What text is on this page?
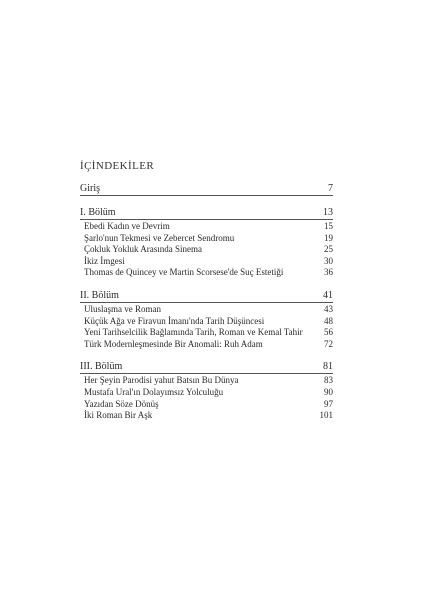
İÇİNDEKİLER
Giriş	7
I. Bölüm	13
Ebedi Kadın ve Devrim	15
Şarlo'nun Tekmesi ve Zebercet Sendromu	19
Çokluk Yokluk Arasında Sinema	25
İkiz İmgesi	30
Thomas de Quincey ve Martin Scorsese'de Suç Estetiği	36
II. Bölüm	41
Uluslaşma ve Roman	43
Küçük Ağa ve Firavun İmanı'nda Tarih Düşüncesi	48
Yeni Tarihselcilik Bağlamında Tarih, Roman ve Kemal Tahir	56
Türk Modernleşmesinde Bir Anomali: Ruh Adam	72
III. Bölüm	81
Her Şeyin Parodisi yahut Batsın Bu Dünya	83
Mustafa Ural'ın Dolayımsız Yolculuğu	90
Yazıdan Söze Dönüş	97
İki Roman Bir Aşk	101
